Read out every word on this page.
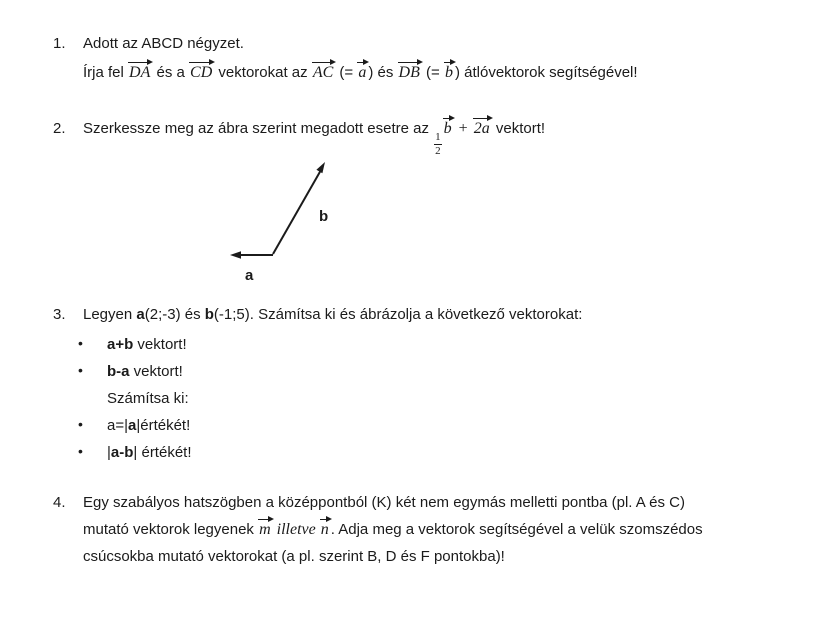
1. Adott az ABCD négyzet.
Írja fel DA és a CD vektorokat az AC (= a ) és DB (= b ) átlóvektorok segítségével!
2. Szerkessze meg az ábra szerint megadott esetre az
$\frac{1}{2}$
b + 2a vektort!
b
a
3.	Legyen a(2;-3) és b(-1;5). Számítsa ki és ábrázolja a következő vektorokat:
• a+b vektort!
• b-a vektort!
Számítsa ki:
• a=|a|értékét!
• |a-b| értékét!
4. Egy szabályos hatszögben a középpontból (K) két nem egymás melletti pontba (pl. A és C)
mutató vektorok legyenek m illetve n . Adja meg a vektorok segítségével a velük szomszédos
csúcsokba mutató vektorokat (a pl. szerint B, D és F pontokba)!
